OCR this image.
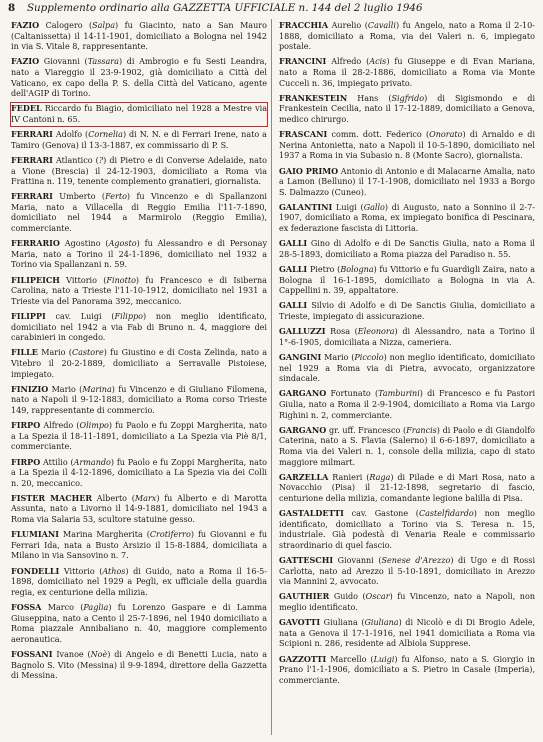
8 Supplemento ordinario alla GAZZETTA UFFICIALE n. 144 del 2 luglio 1946

FAZIO Calogero (Salpa) fu Giacinto, nato a San Mauro (Caltanissetta) il 14-11-1901, domiciliato a Bologna nel 1942 in via S. Vitale 8, rappresentante.

FAZIO Giovanni (Tassara) di Ambrogio e fu Sesti Leandra, nato a Viareggio il 23-9-1902, già domiciliato a Città del Vaticano, ex capo della P. S. della Città del Vaticano, agente dell'AGIP di Torino.

FEDEL Riccardo fu Biagio, domiciliato nel 1928 a Mestre via IV Cantoni n. 65.

FERRARI Adolfo (Cornelia) di N. N. e di Ferrari Irene, nato a Tamiro (Genova) il 13-3-1887, ex commissario di P. S.

FERRARI Atlantico (?) di Pietro e di Converse Adelaide, nato a Vione (Brescia) il 24-12-1903, domiciliato a Roma via Frattina n. 119, tenente complemento granatieri, giornalista.

FERRARI Umberto (Ferto) fu Vincenzo e di Spallanzoni Maria, nato a Villacella di Reggio Emilia l'11-7-1890, domiciliato nel 1944 a Marmirolo (Reggio Emilia), commerciante.

FERRARIO Agostino (Agosto) fu Alessandro e di Personay Maria, nato a Torino il 24-1-1896, domiciliato nel 1932 a Torino via Spallanzani n. 59.

FILIPEICH Vittorio (Finotto) fu Francesco e di Isiberna Carolina, nato a Trieste l'11-10-1912, domiciliato nel 1931 a Trieste via del Panorama 392, meccanico.

FILIPPI cav. Luigi (Filippo) non meglio identificato, domiciliato nel 1942 a via Fab di Bruno n. 4, maggiore dei carabinieri in congedo.

FILLE Mario (Castore) fu Giustino e di Costa Zelinda, nato a Vitebro il 20-2-1889, domiciliato a Serravalle Pistoiese, impiegato.

FINIZIO Mario (Marina) fu Vincenzo e di Giuliano Filomena, nato a Napoli il 9-12-1883, domiciliato a Roma corso Trieste 149, rappresentante di commercio.

FIRPO Alfredo (Olimpo) fu Paolo e fu Zoppi Margherita, nato a La Spezia il 18-11-1891, domiciliato a La Spezia via Piè 8/1, commerciante.

FIRPO Attilio (Armando) fu Paolo e fu Zoppi Margherita, nato a La Spezia il 4-12-1896, domiciliato a La Spezia via dei Colli n. 20, meccanico.

FISTER MACHER Alberto (Marx) fu Alberto e di Marotta Assunta, nato a Livorno il 14-9-1881, domiciliato nel 1943 a Roma via Salaria 53, scultore statuine gesso.

FLUMIANI Marina Margherita (Crotiferro) fu Giovanni e fu Ferrari Ida, nata a Busto Arsizio il 15-8-1884, domiciliata a Milano in via Sansovino n. 7.

FONDELLI Vittorio (Athos) di Guido, nato a Roma il 16-5-1898, domiciliato nel 1929 a Pegli, ex ufficiale della guardia regia, ex centurione della milizia.

FOSSA Marco (Paglia) fu Lorenzo Gaspare e di Lamma Giuseppina, nato a Cento il 25-7-1896, nel 1940 domiciliato a Roma piazzale Annibaliano n. 40, maggiore complemento aeronautica.

FOSSANI Ivanoe (Noè) di Angelo e di Benetti Lucia, nato a Bagnolo S. Vito (Messina) il 9-9-1894, direttore della Gazzetta di Messina.

FRACCHIA Aurelio (Cavalli) fu Angelo, nato a Roma il 2-10-1888, domiciliato a Roma, via dei Valeri n. 6, impiegato postale.

FRANCINI Alfredo (Acis) fu Giuseppe e di Evan Mariana, nato a Roma il 28-2-1886, domiciliato a Roma via Monte Cucceli n. 36, impiegato privato.

FRANKESTEIN Hans (Sigfrido) di Sigismondo e di Frankestein Cecilia, nato il 17-12-1889, domiciliato a Genova, medico chirurgo.

FRASCANI comm. dott. Federico (Onorato) di Arnaldo e di Nerina Antonietta, nato a Napoli il 10-5-1890, domiciliato nel 1937 a Roma in via Subasio n. 8 (Monte Sacro), giornalista.

GAIO PRIMO Antonio di Antonio e di Malacarne Amalia, nato a Lamon (Belluno) il 17-1-1908, domiciliato nel 1933 a Borgo S. Dalmazzo (Cuneo).

GALANTINI Luigi (Gallo) di Augusto, nato a Sonnino il 2-7-1907, domiciliato a Roma, ex impiegato bonifica di Pescinara, ex federazione fascista di Littoria.

GALLI Gino di Adolfo e di De Sanctis Giulia, nato a Roma il 28-5-1893, domiciliato a Roma piazza del Paradiso n. 55.

GALLI Pietro (Bologna) fu Vittorio e fu Guardigli Zaira, nato a Bologna il 16-1-1895, domiciliato a Bologna in via A. Cappellini n. 39, appaltatore.

GALLI Silvio di Adolfo e di De Sanctis Giulia, domiciliato a Trieste, impiegato di assicurazione.

GALLUZZI Rosa (Eleonora) di Alessandro, nata a Torino il 1°-6-1905, domiciliata a Nizza, cameriera.

GANGINI Mario (Piccolo) non meglio identificato, domiciliato nel 1929 a Roma via di Pietra, avvocato, organizzatore sindacale.

GARGANO Fortunato (Tamburini) di Francesco e fu Pastori Giulia, nato a Roma il 2-9-1904, domiciliato a Roma via Largo Righini n. 2, commerciante.

GARGANO gr. uff. Francesco (Francis) di Paolo e di Giandolfo Caterina, nato a S. Flavia (Salerno) il 6-6-1897, domiciliato a Roma via dei Valeri n. 1, console della milizia, capo di stato maggiore milmart.

GARZELLA Ranieri (Raga) di Pilade e di Mari Rosa, nato a Novacchio (Pisa) il 21-12-1898, segretario di fascio, centurione della milizia, comandante legione balilla di Pisa.

GASTALDETTI cav. Gastone (Castelfidardo) non meglio identificato, domiciliato a Torino via S. Teresa n. 15, industriale. Già podestà di Venaria Reale e commissario straordinario di quel fascio.

GATTESCHI Giovanni (Senese d'Arezzo) di Ugo e di Rossi Carlotta, nato ad Arezzo il 5-10-1891, domiciliato in Arezzo via Mannini 2, avvocato.

GAUTHIER Guido (Oscar) fu Vincenzo, nato a Napoli, non meglio identificato.

GAVOTTI Giuliana (Giuliana) di Nicolò e di Di Brogio Adele, nata a Genova il 17-1-1916, nel 1941 domiciliata a Roma via Scipioni n. 286, residente ad Albiola Supprese.

GAZZOTTI Marcello (Luigi) fu Alfonso, nato a S. Giorgio in Prano l'1-1-1906, domiciliato a S. Pietro in Casale (Imperia), commerciante.
